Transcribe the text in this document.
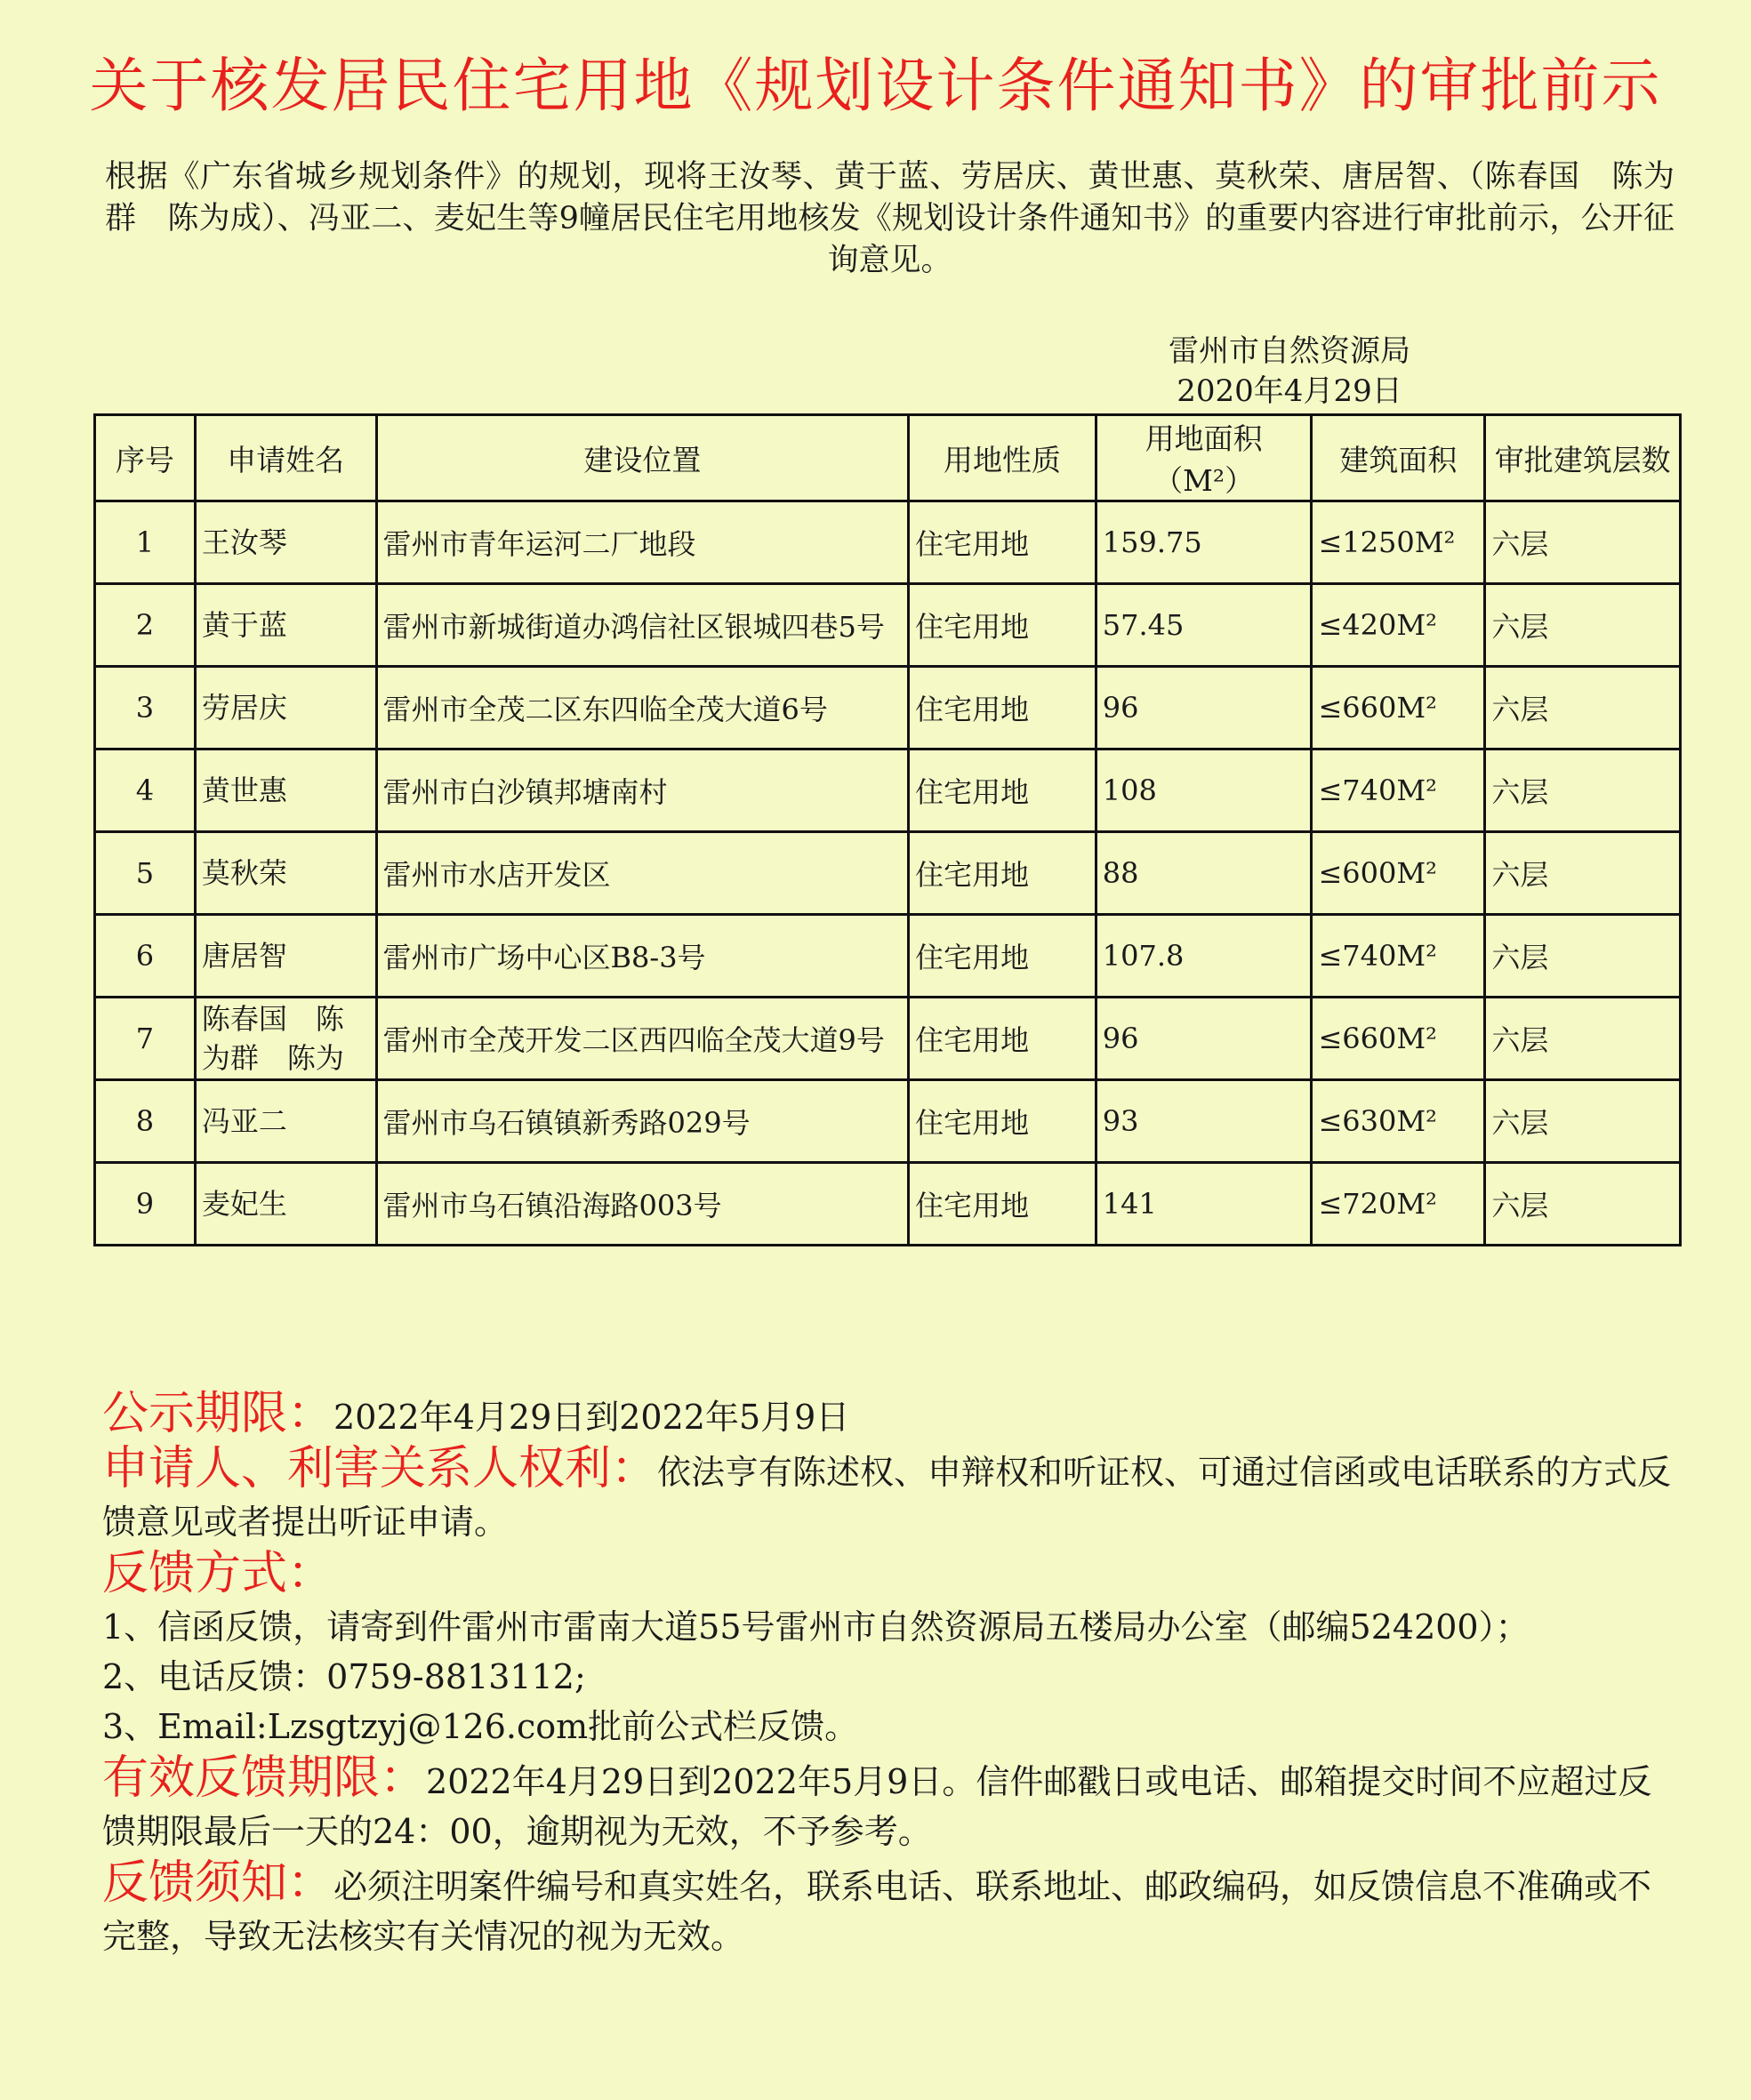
关于核发居民住宅用地《规划设计条件通知书》的审批前示

根据《广东省城乡规划条件》的规划，现将王汝琴、黄于蓝、劳居庆、黄世惠、莫秋荣、唐居智、（陈春国　陈为群　陈为成）、冯亚二、麦妃生等9幢居民住宅用地核发《规划设计条件通知书》的重要内容进行审批前示，公开征询意见。

雷州市自然资源局
2020年4月29日
序号	申请姓名	建设位置	用地性质	用地面积（M²）	建筑面积	审批建筑层数
1	王汝琴	雷州市青年运河二厂地段	住宅用地	159.75	≤1250M²	六层
2	黄于蓝	雷州市新城街道办鸿信社区银城四巷5号	住宅用地	57.45	≤420M²	六层
3	劳居庆	雷州市全茂二区东四临全茂大道6号	住宅用地	96	≤660M²	六层
4	黄世惠	雷州市白沙镇邦塘南村	住宅用地	108	≤740M²	六层
5	莫秋荣	雷州市水店开发区	住宅用地	88	≤600M²	六层
6	唐居智	雷州市广场中心区B8-3号	住宅用地	107.8	≤740M²	六层
7	陈春国　陈为群　陈为	雷州市全茂开发二区西四临全茂大道9号	住宅用地	96	≤660M²	六层
8	冯亚二	雷州市乌石镇镇新秀路029号	住宅用地	93	≤630M²	六层
9	麦妃生	雷州市乌石镇沿海路003号	住宅用地	141	≤720M²	六层

公示期限：2022年4月29日到2022年5月9日

申请人、利害关系人权利：依法亨有陈述权、申辩权和听证权、可通过信函或电话联系的方式反馈意见或者提出听证申请。

反馈方式：

1、信函反馈，请寄到件雷州市雷南大道55号雷州市自然资源局五楼局办公室（邮编524200）；

2、电话反馈：0759-8813112;

3、Email:Lzsgtzyj@126.com批前公式栏反馈。

有效反馈期限：2022年4月29日到2022年5月9日。信件邮戳日或电话、邮箱提交时间不应超过反馈期限最后一天的24：00，逾期视为无效，不予参考。

反馈须知：必须注明案件编号和真实姓名，联系电话、联系地址、邮政编码，如反馈信息不准确或不完整，导致无法核实有关情况的视为无效。
